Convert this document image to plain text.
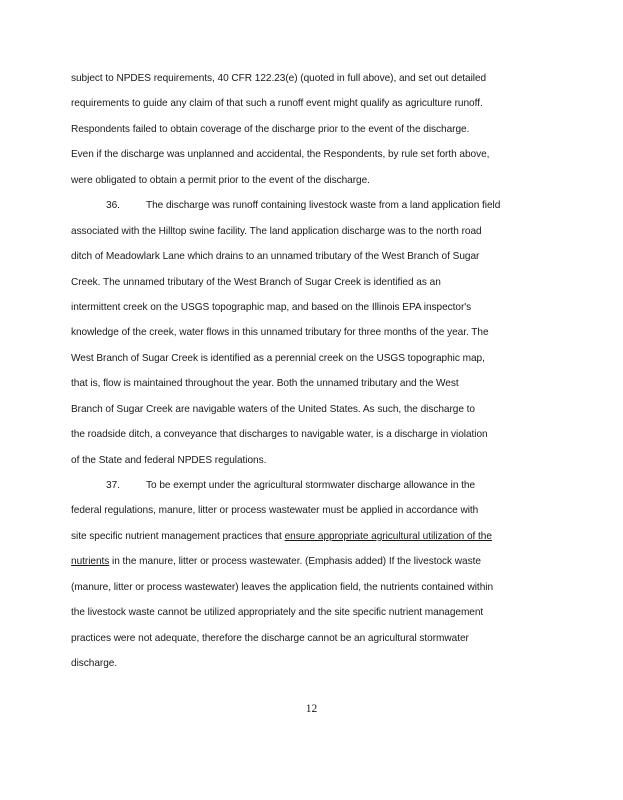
subject to NPDES requirements, 40 CFR 122.23(e) (quoted in full above), and set out detailed
requirements to guide any claim of that such a runoff event might qualify as agriculture runoff.
Respondents failed to obtain coverage of the discharge prior to the event of the discharge.
Even if the discharge was unplanned and accidental, the Respondents, by rule set forth above,
were obligated to obtain a permit prior to the event of the discharge.
36.	The discharge was runoff containing livestock waste from a land application field
associated with the Hilltop swine facility. The land application discharge was to the north road
ditch of Meadowlark Lane which drains to an unnamed tributary of the West Branch of Sugar
Creek. The unnamed tributary of the West Branch of Sugar Creek is identified as an
intermittent creek on the USGS topographic map, and based on the Illinois EPA inspector's
knowledge of the creek, water flows in this unnamed tributary for three months of the year. The
West Branch of Sugar Creek is identified as a perennial creek on the USGS topographic map,
that is, flow is maintained throughout the year. Both the unnamed tributary and the West
Branch of Sugar Creek are navigable waters of the United States. As such, the discharge to
the roadside ditch, a conveyance that discharges to navigable water, is a discharge in violation
of the State and federal NPDES regulations.
37.	To be exempt under the agricultural stormwater discharge allowance in the
federal regulations, manure, litter or process wastewater must be applied in accordance with
site specific nutrient management practices that ensure appropriate agricultural utilization of the
nutrients in the manure, litter or process wastewater. (Emphasis added) If the livestock waste
(manure, litter or process wastewater) leaves the application field, the nutrients contained within
the livestock waste cannot be utilized appropriately and the site specific nutrient management
practices were not adequate, therefore the discharge cannot be an agricultural stormwater
discharge.
12
